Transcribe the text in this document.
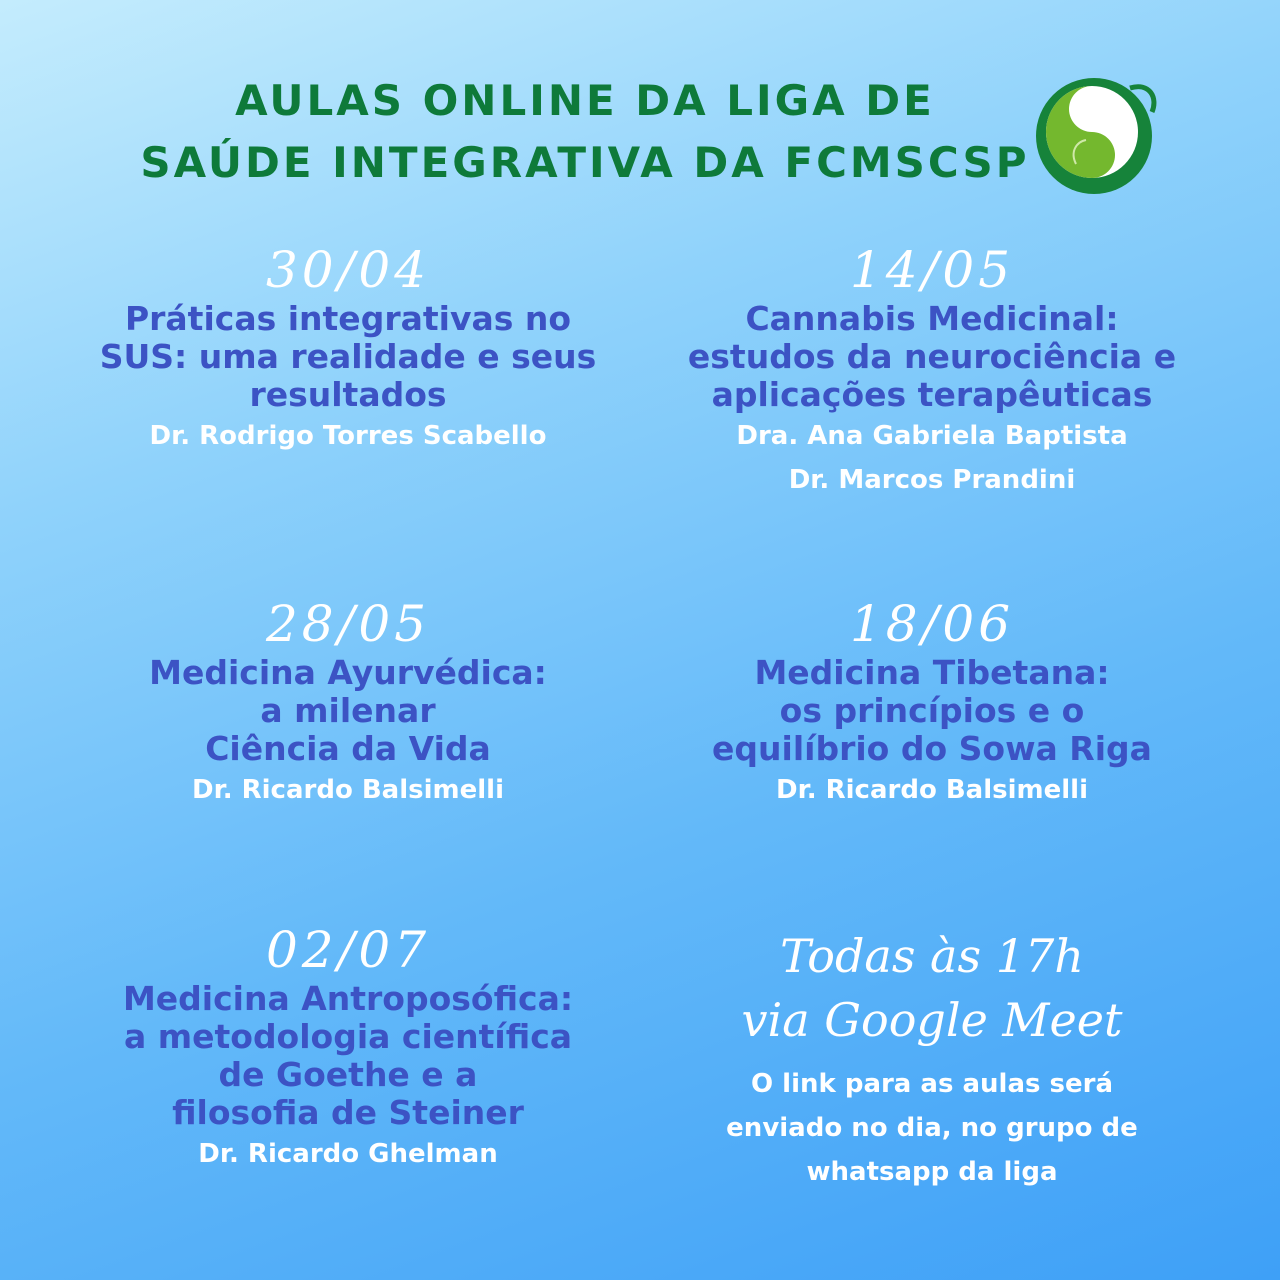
AULAS ONLINE DA LIGA DE
SAÚDE INTEGRATIVA DA FCMSCSP
30/04
Práticas integrativas no
SUS: uma realidade e seus
resultados
Dr. Rodrigo Torres Scabello
14/05
Cannabis Medicinal:
estudos da neurociência e
aplicações terapêuticas
Dra. Ana Gabriela Baptista
Dr. Marcos Prandini
28/05
Medicina Ayurvédica:
a milenar
Ciência da Vida
Dr. Ricardo Balsimelli
18/06
Medicina Tibetana:
os princípios e o
equilíbrio do Sowa Riga
Dr. Ricardo Balsimelli
02/07
Medicina Antroposófica:
a metodologia científica
de Goethe e a
filosofia de Steiner
Dr. Ricardo Ghelman
Todas às 17h
via Google Meet
O link para as aulas será
enviado no dia, no grupo de
whatsapp da liga
